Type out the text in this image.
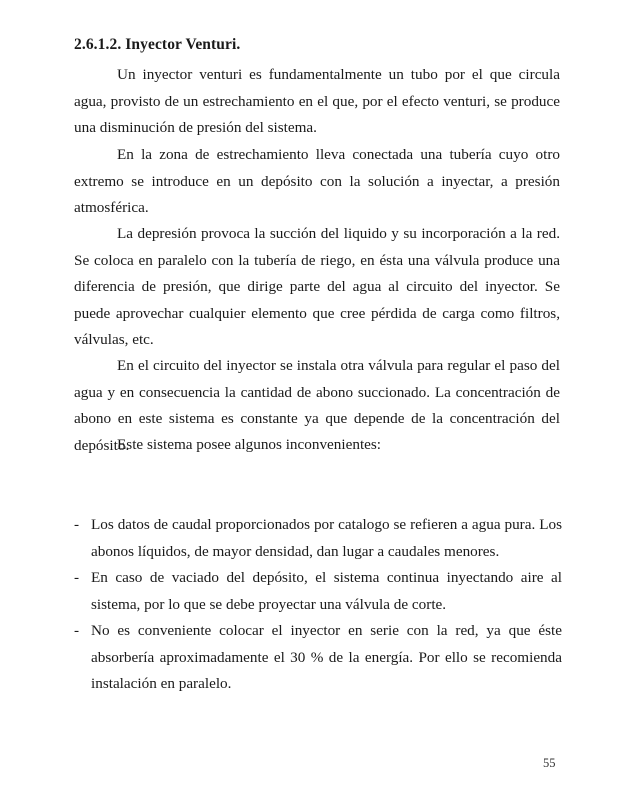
2.6.1.2. Inyector Venturi.

Un inyector venturi es fundamentalmente un tubo por el que circula agua, provisto de un estrechamiento en el que, por el efecto venturi, se produce una disminución de presión del sistema.

En la zona de estrechamiento lleva conectada una tubería cuyo otro extremo se introduce en un depósito con la solución a inyectar, a presión atmosférica.

La depresión provoca la succión del liquido y su incorporación a la red. Se coloca en paralelo con la tubería de riego, en ésta una válvula produce una diferencia de presión, que dirige parte del agua al circuito del inyector. Se puede aprovechar cualquier elemento que cree pérdida de carga como filtros, válvulas, etc.

En el circuito del inyector se instala otra válvula para regular el paso del agua y en consecuencia la cantidad de abono succionado. La concentración de abono en este sistema es constante ya que depende de la concentración del depósito.

Este sistema posee algunos inconvenientes:

- Los datos de caudal proporcionados por catalogo se refieren a agua pura. Los abonos líquidos, de mayor densidad, dan lugar a caudales menores.
- En caso de vaciado del depósito, el sistema continua inyectando aire al sistema, por lo que se debe proyectar una válvula de corte.
- No es conveniente colocar el inyector en serie con la red, ya que éste absorbería aproximadamente el 30 % de la energía. Por ello se recomienda instalación en paralelo.
55
